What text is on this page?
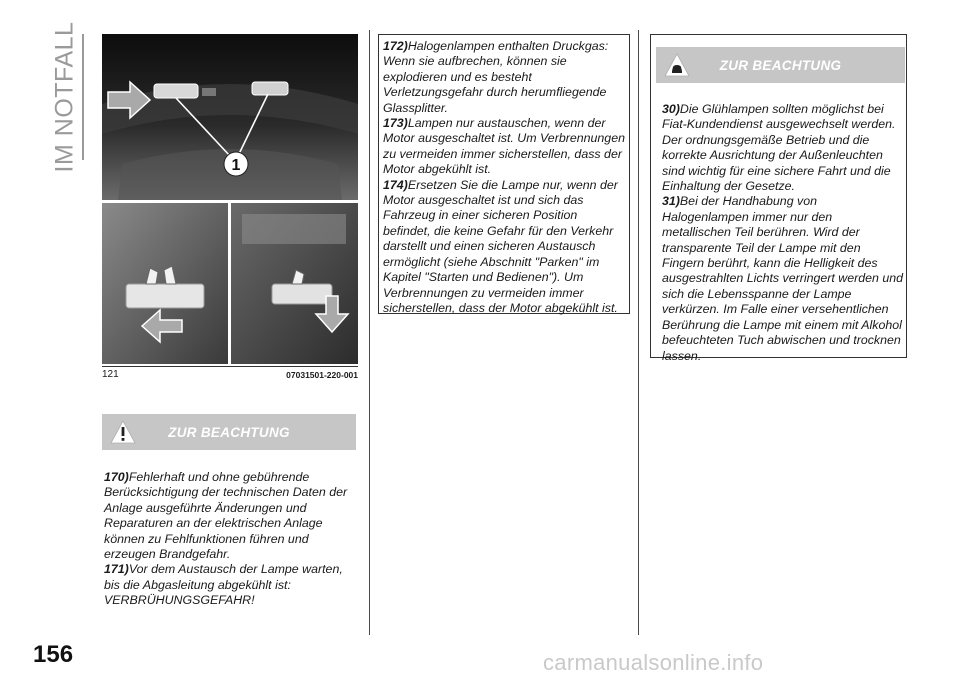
IM NOTFALL	1
121	07031501-220-001
ZUR BEACHTUNG

170)Fehlerhaft und ohne gebührende Berücksichtigung der technischen Daten der Anlage ausgeführte Änderungen und Reparaturen an der elektrischen Anlage können zu Fehlfunktionen führen und erzeugen Brandgefahr.

171)Vor dem Austausch der Lampe warten, bis die Abgasleitung abgekühlt ist: VERBRÜHUNGSGEFAHR!

172)Halogenlampen enthalten Druckgas: Wenn sie aufbrechen, können sie explodieren und es besteht Verletzungsgefahr durch herumfliegende Glassplitter.

173)Lampen nur austauschen, wenn der Motor ausgeschaltet ist. Um Verbrennungen zu vermeiden immer sicherstellen, dass der Motor abgekühlt ist.

174)Ersetzen Sie die Lampe nur, wenn der Motor ausgeschaltet ist und sich das Fahrzeug in einer sicheren Position befindet, die keine Gefahr für den Verkehr darstellt und einen sicheren Austausch ermöglicht (siehe Abschnitt "Parken" im Kapitel "Starten und Bedienen"). Um Verbrennungen zu vermeiden immer sicherstellen, dass der Motor abgekühlt ist.

ZUR BEACHTUNG

30)Die Glühlampen sollten möglichst bei Fiat-Kundendienst ausgewechselt werden. Der ordnungsgemäße Betrieb und die korrekte Ausrichtung der Außenleuchten sind wichtig für eine sichere Fahrt und die Einhaltung der Gesetze.

31)Bei der Handhabung von Halogenlampen immer nur den metallischen Teil berühren. Wird der transparente Teil der Lampe mit den Fingern berührt, kann die Helligkeit des ausgestrahlten Lichts verringert werden und sich die Lebensspanne der Lampe verkürzen. Im Falle einer versehentlichen Berührung die Lampe mit einem mit Alkohol befeuchteten Tuch abwischen und trocknen lassen.

156	carmanualsonline.info
